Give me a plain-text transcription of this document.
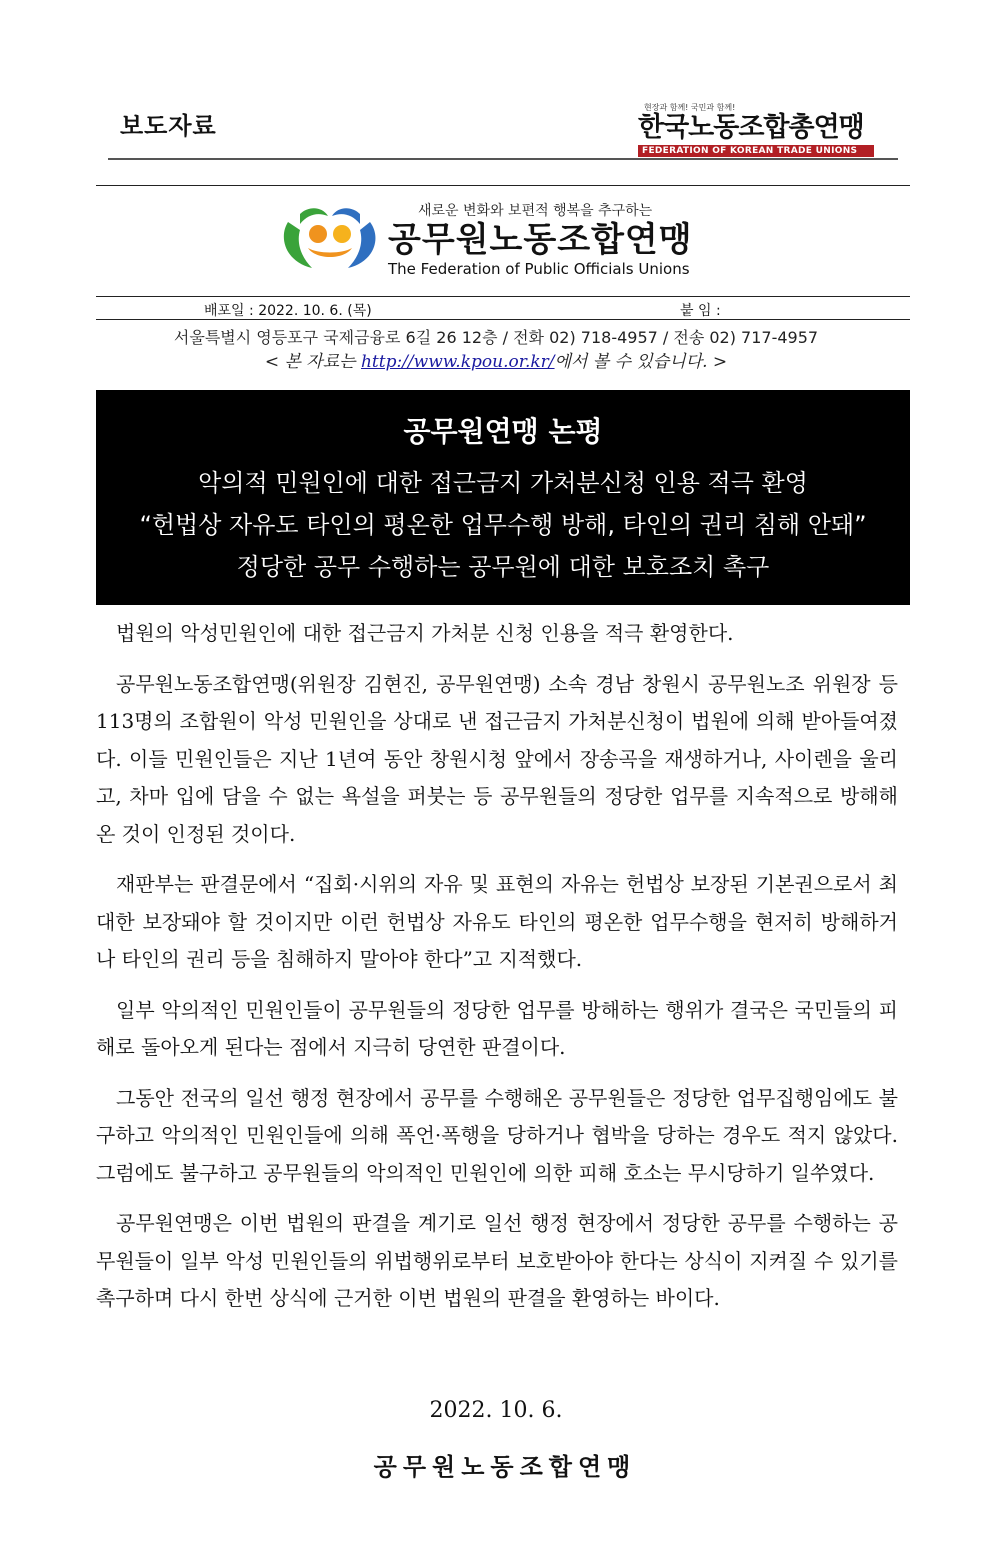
보도자료
현장과 함께! 국민과 함께!
한국노동조합총연맹
FEDERATION OF KOREAN TRADE UNIONS
새로운 변화와 보편적 행복을 추구하는
공무원노동조합연맹
The Federation of Public Officials Unions
배포일 : 2022. 10. 6. (목)	붙 임 :
서울특별시 영등포구 국제금융로 6길 26 12층 / 전화 02) 718-4957 / 전송 02) 717-4957
< 본 자료는 http://www.kpou.or.kr/에서 볼 수 있습니다. >
공무원연맹 논평
악의적 민원인에 대한 접근금지 가처분신청 인용 적극 환영
“헌법상 자유도 타인의 평온한 업무수행 방해, 타인의 권리 침해 안돼”
정당한 공무 수행하는 공무원에 대한 보호조치 촉구

법원의 악성민원인에 대한 접근금지 가처분 신청 인용을 적극 환영한다.

공무원노동조합연맹(위원장 김현진, 공무원연맹) 소속 경남 창원시 공무원노조 위원장 등 113명의 조합원이 악성 민원인을 상대로 낸 접근금지 가처분신청이 법원에 의해 받아들여졌다. 이들 민원인들은 지난 1년여 동안 창원시청 앞에서 장송곡을 재생하거나, 사이렌을 울리고, 차마 입에 담을 수 없는 욕설을 퍼붓는 등 공무원들의 정당한 업무를 지속적으로 방해해온 것이 인정된 것이다.

재판부는 판결문에서 “집회·시위의 자유 및 표현의 자유는 헌법상 보장된 기본권으로서 최대한 보장돼야 할 것이지만 이런 헌법상 자유도 타인의 평온한 업무수행을 현저히 방해하거나 타인의 권리 등을 침해하지 말아야 한다”고 지적했다.

일부 악의적인 민원인들이 공무원들의 정당한 업무를 방해하는 행위가 결국은 국민들의 피해로 돌아오게 된다는 점에서 지극히 당연한 판결이다.

그동안 전국의 일선 행정 현장에서 공무를 수행해온 공무원들은 정당한 업무집행임에도 불구하고 악의적인 민원인들에 의해 폭언·폭행을 당하거나 협박을 당하는 경우도 적지 않았다. 그럼에도 불구하고 공무원들의 악의적인 민원인에 의한 피해 호소는 무시당하기 일쑤였다.

공무원연맹은 이번 법원의 판결을 계기로 일선 행정 현장에서 정당한 공무를 수행하는 공무원들이 일부 악성 민원인들의 위법행위로부터 보호받아야 한다는 상식이 지켜질 수 있기를 촉구하며 다시 한번 상식에 근거한 이번 법원의 판결을 환영하는 바이다.

2022. 10. 6.
공무원노동조합연맹
